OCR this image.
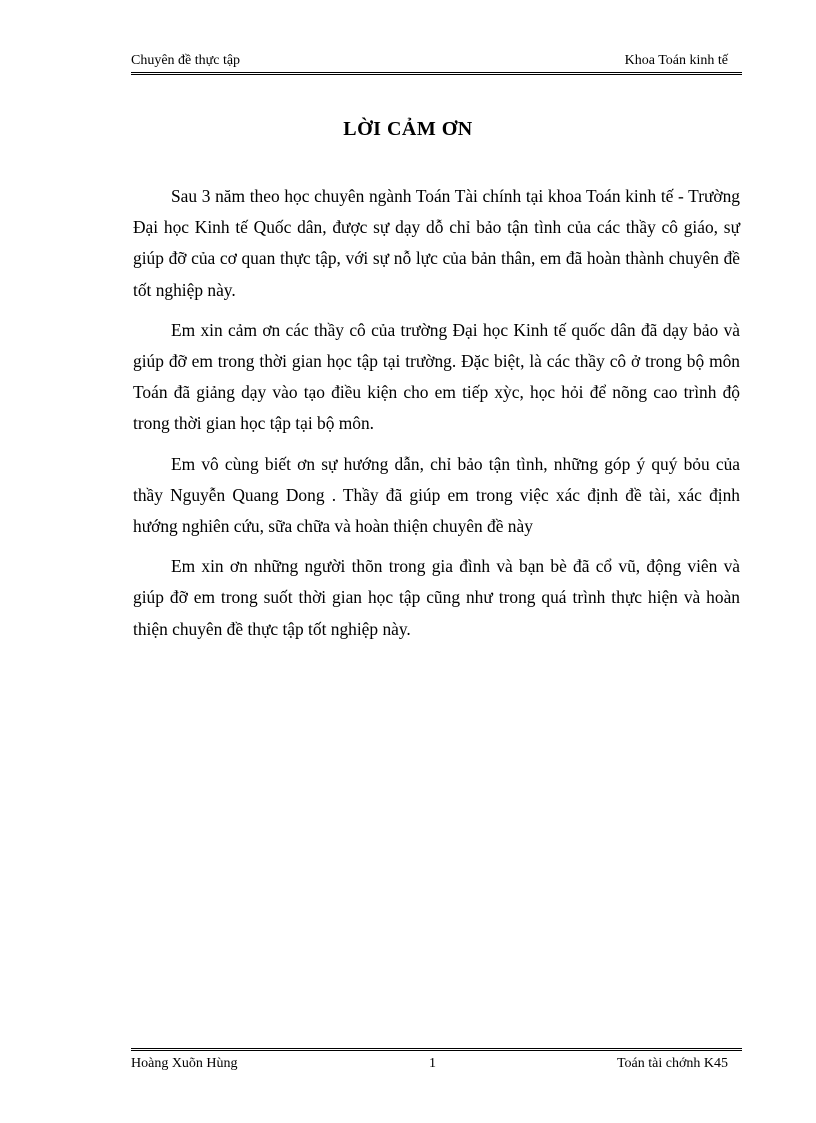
Chuyên đề thực tập	Khoa Toán kinh tế
LỜI CẢM ƠN

Sau 3 năm theo học chuyên ngành Toán Tài chính tại khoa Toán kinh tế - Trường Đại học Kinh tế Quốc dân, được sự dạy dỗ chỉ bảo tận tình của các thầy cô giáo, sự giúp đỡ của cơ quan thực tập, với sự nỗ lực của bản thân, em đã hoàn thành chuyên đề tốt nghiệp này.

Em xin cảm ơn các thầy cô của trường Đại học Kinh tế quốc dân đã dạy bảo và giúp đỡ em trong thời gian học tập tại trường. Đặc biệt, là các thầy cô ở trong bộ môn Toán đã giảng dạy vào tạo điều kiện cho em tiếp xỳc, học hỏi để nõng cao trình độ trong thời gian học tập tại bộ môn.

Em vô cùng biết ơn sự hướng dẫn, chỉ bảo tận tình, những góp ý quý bỏu của thầy Nguyễn Quang Dong . Thầy đã giúp em trong việc xác định đề tài, xác định hướng nghiên cứu, sữa chữa và hoàn thiện chuyên đề này

Em xin ơn những người thõn trong gia đình và bạn bè đã cổ vũ, động viên và giúp đỡ em trong suốt thời gian học tập cũng như trong quá trình thực hiện và hoàn thiện chuyên đề thực tập tốt nghiệp này.

Hoàng Xuõn Hùng	1	Toán tài chớnh K45
